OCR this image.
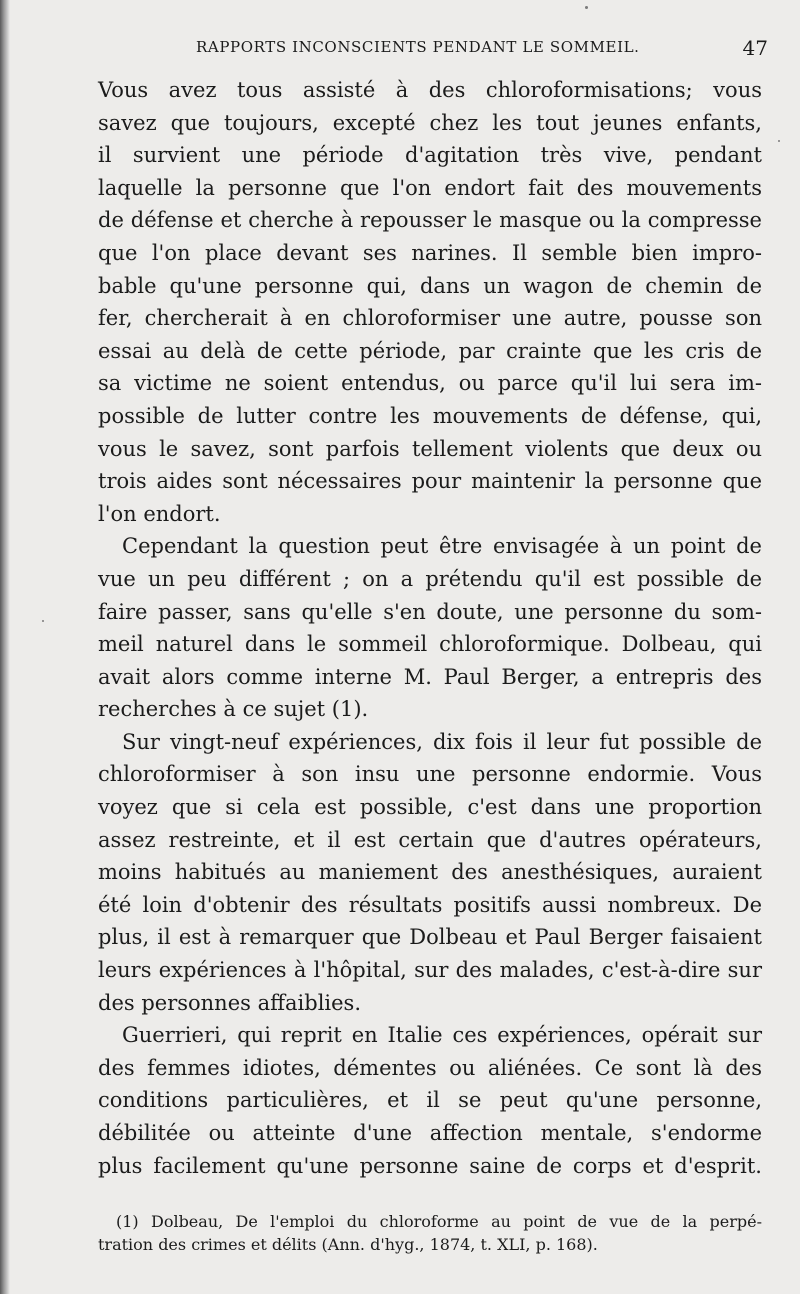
RAPPORTS INCONSCIENTS PENDANT LE SOMMEIL.	47
Vous avez tous assisté à des chloroformisations; vous
savez que toujours, excepté chez les tout jeunes enfants,
il survient une période d'agitation très vive, pendant
laquelle la personne que l'on endort fait des mouvements
de défense et cherche à repousser le masque ou la compresse
que l'on place devant ses narines. Il semble bien impro-
bable qu'une personne qui, dans un wagon de chemin de
fer, chercherait à en chloroformiser une autre, pousse son
essai au delà de cette période, par crainte que les cris de
sa victime ne soient entendus, ou parce qu'il lui sera im-
possible de lutter contre les mouvements de défense, qui,
vous le savez, sont parfois tellement violents que deux ou
trois aides sont nécessaires pour maintenir la personne que
l'on endort.
Cependant la question peut être envisagée à un point de
vue un peu différent ; on a prétendu qu'il est possible de
faire passer, sans qu'elle s'en doute, une personne du som-
meil naturel dans le sommeil chloroformique. Dolbeau, qui
avait alors comme interne M. Paul Berger, a entrepris des
recherches à ce sujet (1).
Sur vingt-neuf expériences, dix fois il leur fut possible de
chloroformiser à son insu une personne endormie. Vous
voyez que si cela est possible, c'est dans une proportion
assez restreinte, et il est certain que d'autres opérateurs,
moins habitués au maniement des anesthésiques, auraient
été loin d'obtenir des résultats positifs aussi nombreux. De
plus, il est à remarquer que Dolbeau et Paul Berger faisaient
leurs expériences à l'hôpital, sur des malades, c'est-à-dire sur
des personnes affaiblies.
Guerrieri, qui reprit en Italie ces expériences, opérait sur
des femmes idiotes, démentes ou aliénées. Ce sont là des
conditions particulières, et il se peut qu'une personne,
débilitée ou atteinte d'une affection mentale, s'endorme
plus facilement qu'une personne saine de corps et d'esprit.
(1) Dolbeau, De l'emploi du chloroforme au point de vue de la perpé-
tration des crimes et délits (Ann. d'hyg., 1874, t. XLI, p. 168).
